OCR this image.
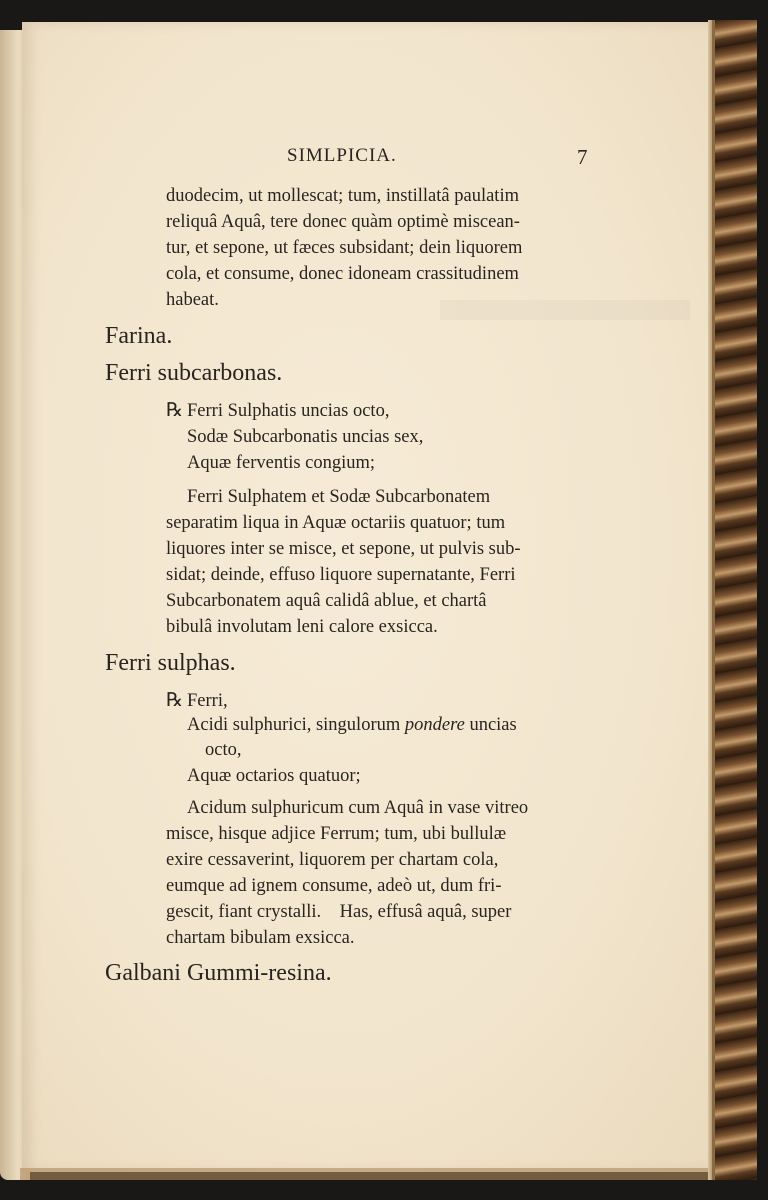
SIMLPICIA.	7
duodecim, ut mollescat; tum, instillatâ paulatim
reliquâ Aquâ, tere donec quàm optimè miscean-
tur, et sepone, ut fæces subsidant; dein liquorem
cola, et consume, donec idoneam crassitudinem
habeat.
Farina.
Ferri subcarbonas.
℞ Ferri Sulphatis uncias octo,
Sodæ Subcarbonatis uncias sex,
Aquæ ferventis congium;
Ferri Sulphatem et Sodæ Subcarbonatem
separatim liqua in Aquæ octariis quatuor; tum
liquores inter se misce, et sepone, ut pulvis sub-
sidat; deinde, effuso liquore supernatante, Ferri
Subcarbonatem aquâ calidâ ablue, et chartâ
bibulâ involutam leni calore exsicca.
Ferri sulphas.
℞ Ferri,
Acidi sulphurici, singulorum pondere uncias
octo,
Aquæ octarios quatuor;
Acidum sulphuricum cum Aquâ in vase vitreo
misce, hisque adjice Ferrum; tum, ubi bullulæ
exire cessaverint, liquorem per chartam cola,
eumque ad ignem consume, adeò ut, dum fri-
gescit, fiant crystalli.    Has, effusâ aquâ, super
chartam bibulam exsicca.
Galbani Gummi-resina.
